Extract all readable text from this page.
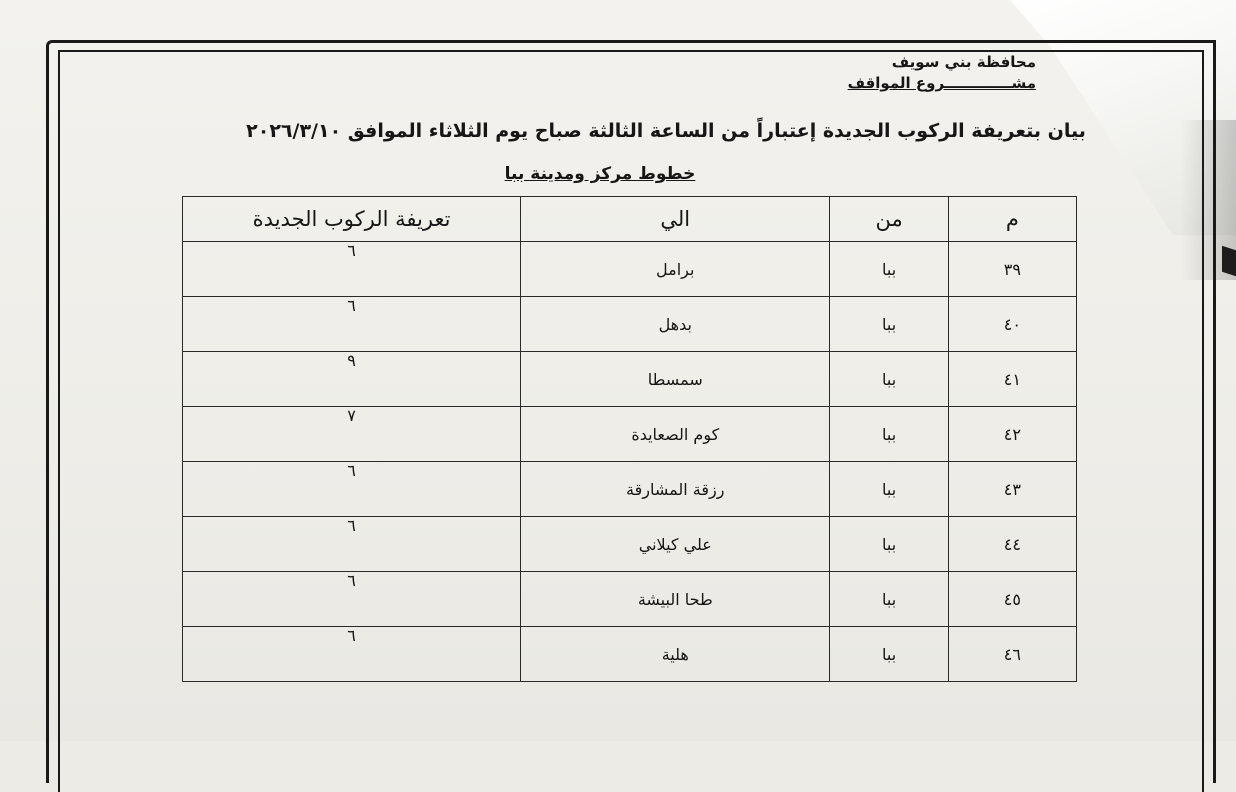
محافظة بني سويف
مشـــــــــــــروع المواقف
بيان بتعريفة الركوب الجديدة إعتباراً من الساعة الثالثة صباح يوم الثلاثاء الموافق ٢٠٢٦/٣/١٠
خطوط مركز ومدينة ببا
م	من	الي	تعريفة الركوب الجديدة
٣٩	ببا	برامل	٦
٤٠	ببا	بدهل	٦
٤١	ببا	سمسطا	٩
٤٢	ببا	كوم الصعايدة	٧
٤٣	ببا	رزقة المشارقة	٦
٤٤	ببا	علي كيلاني	٦
٤٥	ببا	طحا البيشة	٦
٤٦	ببا	هلية	٦
